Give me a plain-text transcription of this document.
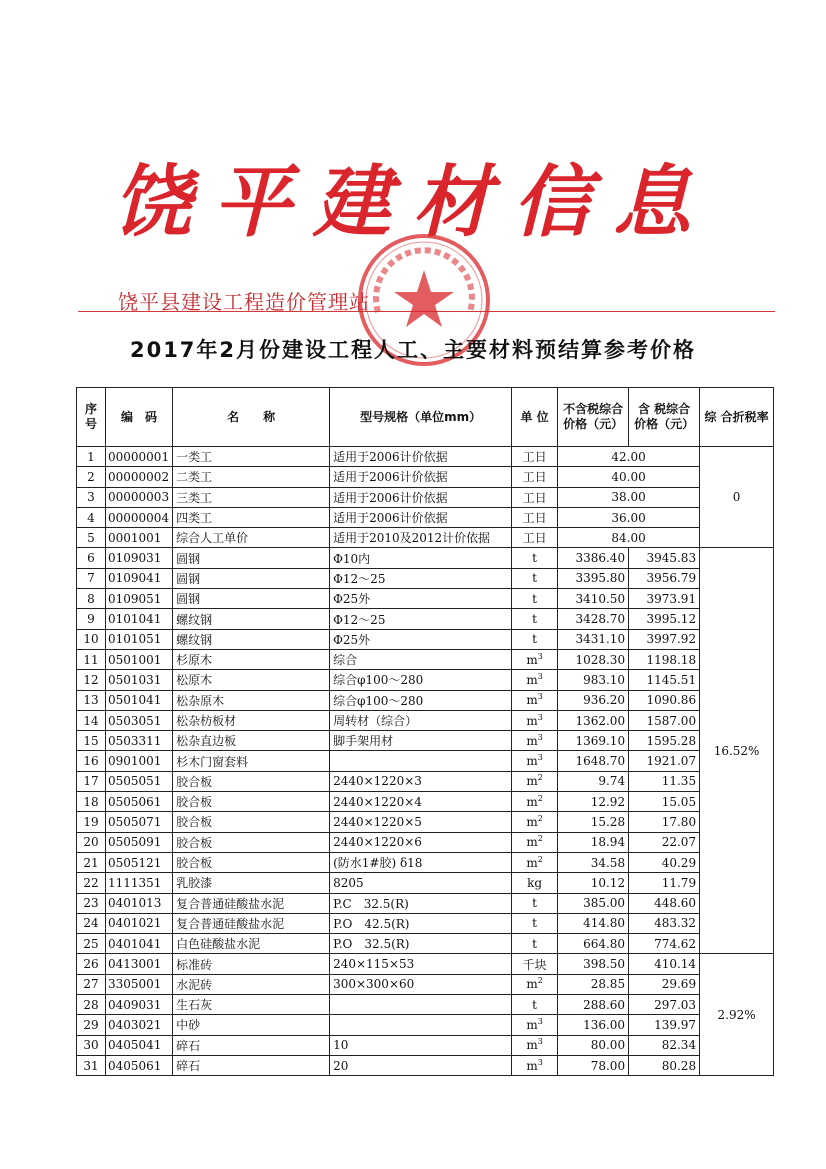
饶平建材信息
饶平县建设工程造价管理站
2017年2月份建设工程人工、主要材料预结算参考价格
序号	编　码	名　　称	型号规格（单位mm）	单 位	不含税综合价格（元）	含 税综合价格（元）	综 合折税率
1	00000001	一类工	适用于2006计价依据	工日	42.00		0
2	00000002	二类工	适用于2006计价依据	工日	40.00		
3	00000003	三类工	适用于2006计价依据	工日	38.00		
4	00000004	四类工	适用于2006计价依据	工日	36.00		
5	0001001	综合人工单价	适用于2010及2012计价依据	工日	84.00		
6	0109031	圆钢	Φ10内	t	3386.40	3945.83	16.52%
7	0109041	圆钢	Φ12～25	t	3395.80	3956.79	
8	0109051	圆钢	Φ25外	t	3410.50	3973.91	
9	0101041	螺纹钢	Φ12～25	t	3428.70	3995.12	
10	0101051	螺纹钢	Φ25外	t	3431.10	3997.92	
11	0501001	杉原木	综合	$m^3$	1028.30	1198.18	
12	0501031	松原木	综合φ100～280	$m^3$	983.10	1145.51	
13	0501041	松杂原木	综合φ100～280	$m^3$	936.20	1090.86	
14	0503051	松杂枋板材	周转材（综合）	$m^3$	1362.00	1587.00	
15	0503311	松杂直边板	脚手架用材	$m^3$	1369.10	1595.28	
16	0901001	杉木门窗套料		$m^3$	1648.70	1921.07	
17	0505051	胶合板	2440×1220×3	$m^2$	9.74	11.35	
18	0505061	胶合板	2440×1220×4	$m^2$	12.92	15.05	
19	0505071	胶合板	2440×1220×5	$m^2$	15.28	17.80	
20	0505091	胶合板	2440×1220×6	$m^2$	18.94	22.07	
21	0505121	胶合板	(防水1#胶) δ18	$m^2$	34.58	40.29	
22	1111351	乳胶漆	8205	kg	10.12	11.79	
23	0401013	复合普通硅酸盐水泥	P.C　32.5(R)	t	385.00	448.60	
24	0401021	复合普通硅酸盐水泥	P.O　42.5(R)	t	414.80	483.32	
25	0401041	白色硅酸盐水泥	P.O　32.5(R)	t	664.80	774.62	
26	0413001	标准砖	240×115×53	千块	398.50	410.14	2.92%
27	3305001	水泥砖	300×300×60	$m^2$	28.85	29.69	
28	0409031	生石灰		t	288.60	297.03	
29	0403021	中砂		$m^3$	136.00	139.97	
30	0405041	碎石	10	$m^3$	80.00	82.34	
31	0405061	碎石	20	$m^3$	78.00	80.28	
